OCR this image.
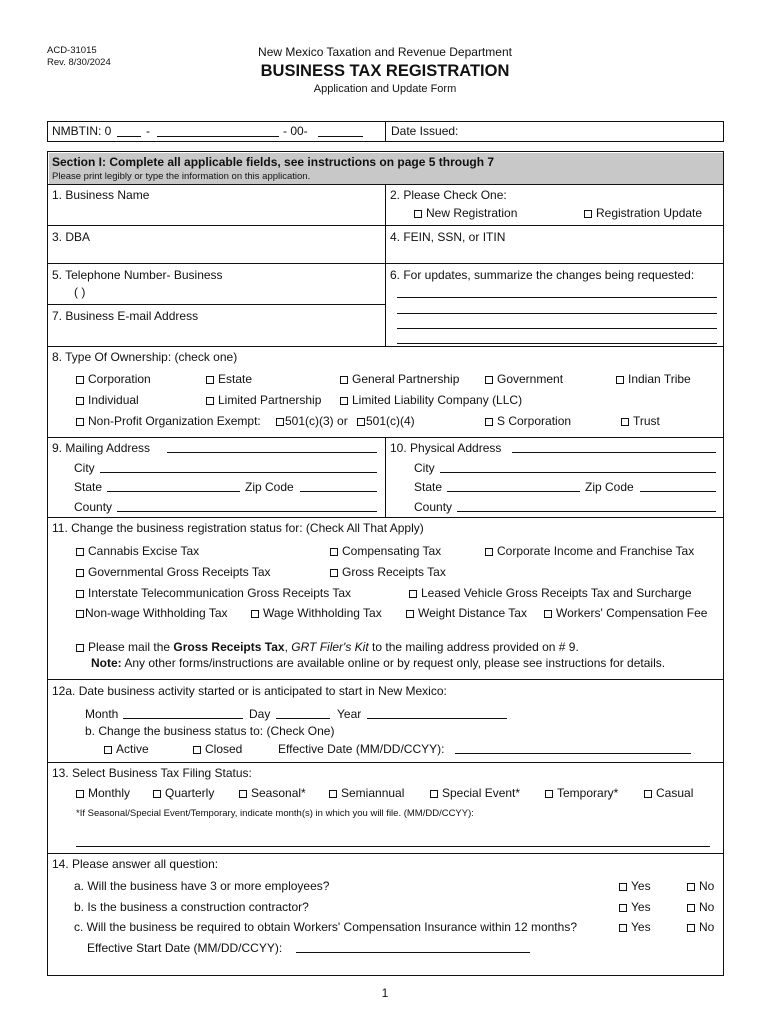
ACD-31015
Rev. 8/30/2024
New Mexico Taxation and Revenue Department
BUSINESS TAX REGISTRATION
Application and Update Form
NMBTIN: 0	-	- 00-	Date Issued:
Section I: Complete all applicable fields, see instructions on page 5 through 7
Please print legibly or type the information on this application.
1. Business Name	2. Please Check One:
New Registration	Registration Update
3. DBA	4. FEIN, SSN, or ITIN
5. Telephone Number- Business
( )
7. Business E-mail Address
6. For updates, summarize the changes being requested:
8. Type Of Ownership: (check one)
Corporation	Estate	General Partnership	Government	Indian Tribe
Individual	Limited Partnership	Limited Liability Company (LLC)
Non-Profit Organization Exempt:	501(c)(3) or	501(c)(4)	S Corporation	Trust
9. Mailing Address
City
State	Zip Code
County
10. Physical Address
City
State	Zip Code
County
11. Change the business registration status for: (Check All That Apply)
Cannabis Excise Tax	Compensating Tax	Corporate Income and Franchise Tax
Governmental Gross Receipts Tax	Gross Receipts Tax
Interstate Telecommunication Gross Receipts Tax	Leased Vehicle Gross Receipts Tax and Surcharge
Non-wage Withholding Tax	Wage Withholding Tax	Weight Distance Tax	Workers' Compensation Fee
Please mail the Gross Receipts Tax, GRT Filer's Kit to the mailing address provided on # 9.
Note: Any other forms/instructions are available online or by request only, please see instructions for details.
12a. Date business activity started or is anticipated to start in New Mexico:
Month	Day	Year
b. Change the business status to: (Check One)
Active	Closed	Effective Date (MM/DD/CCYY):
13. Select Business Tax Filing Status:
Monthly	Quarterly	Seasonal*	Semiannual	Special Event*	Temporary*	Casual
*If Seasonal/Special Event/Temporary, indicate month(s) in which you will file. (MM/DD/CCYY):
14. Please answer all question:
a. Will the business have 3 or more employees?	Yes	No
b. Is the business a construction contractor?	Yes	No
c. Will the business be required to obtain Workers' Compensation Insurance within 12 months?	Yes	No
Effective Start Date (MM/DD/CCYY):
1
